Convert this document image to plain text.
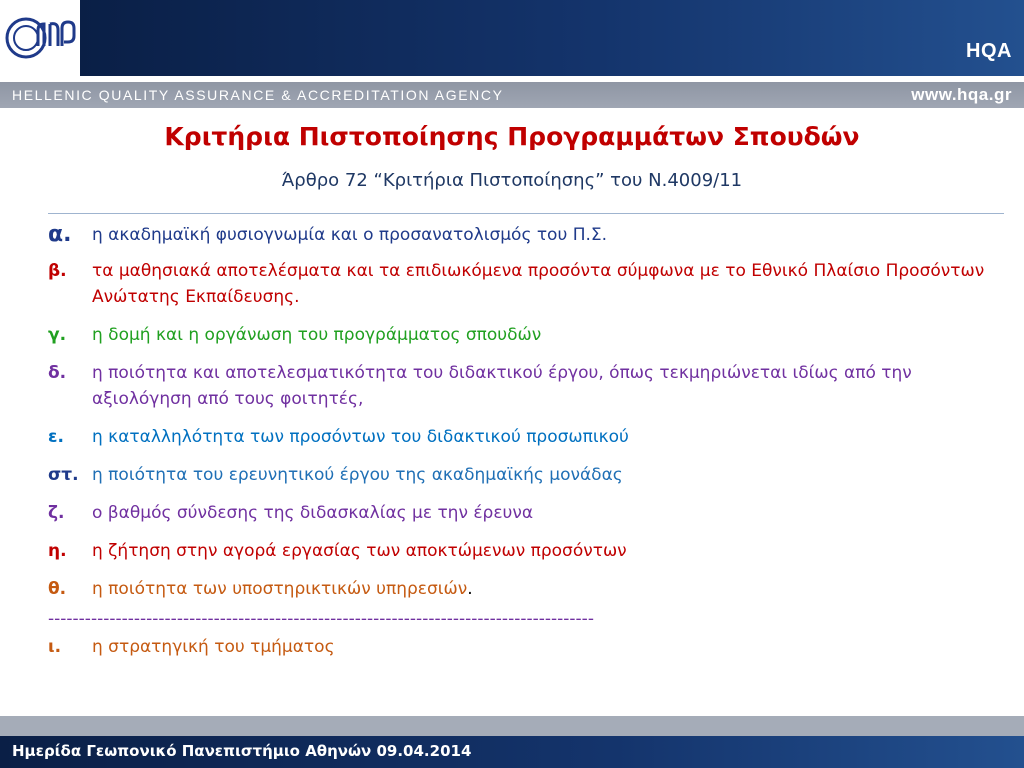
HQA
HELLENIC QUALITY ASSURANCE & ACCREDITATION AGENCY	www.hqa.gr
Κριτήρια Πιστοποίησης Προγραμμάτων Σπουδών
Άρθρο 72 “Κριτήρια Πιστοποίησης” του Ν.4009/11
α.	η ακαδημαϊκή φυσιογνωμία και ο προσανατολισμός του Π.Σ.
β.	τα μαθησιακά αποτελέσματα και τα επιδιωκόμενα προσόντα σύμφωνα με το Εθνικό Πλαίσιο Προσόντων Ανώτατης Εκπαίδευσης.
γ.	η δομή και η οργάνωση του προγράμματος σπουδών
δ.	η ποιότητα και αποτελεσματικότητα του διδακτικού έργου, όπως τεκμηριώνεται ιδίως από την αξιολόγηση από τους φοιτητές,
ε.	η καταλληλότητα των προσόντων του διδακτικού προσωπικού
στ. η ποιότητα του ερευνητικού έργου της ακαδημαϊκής μονάδας
ζ.	ο βαθμός σύνδεσης της διδασκαλίας με την έρευνα
η.	η ζήτηση στην αγορά εργασίας των αποκτώμενων προσόντων
θ.	η ποιότητα των υποστηρικτικών υπηρεσιών.
-----------------------------------------------------------------------------------------
ι.	η στρατηγική του τμήματος
Ημερίδα Γεωπονικό Πανεπιστήμιο Αθηνών 09.04.2014
